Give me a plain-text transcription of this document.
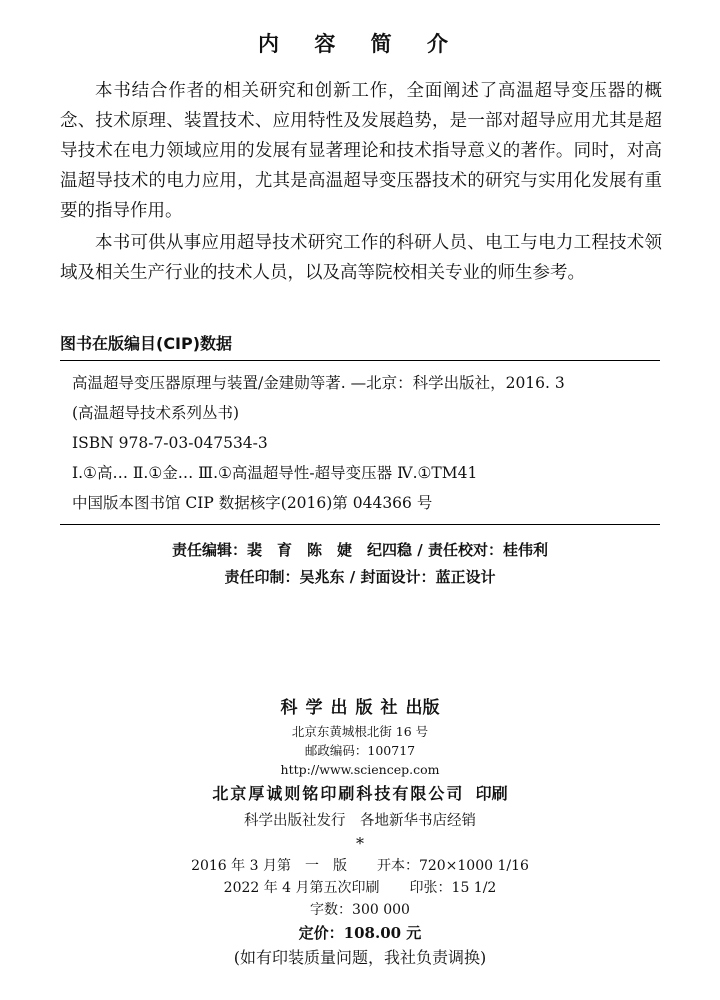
内 容 简 介

本书结合作者的相关研究和创新工作，全面阐述了高温超导变压器的概念、技术原理、装置技术、应用特性及发展趋势，是一部对超导应用尤其是超导技术在电力领域应用的发展有显著理论和技术指导意义的著作。同时，对高温超导技术的电力应用，尤其是高温超导变压器技术的研究与实用化发展有重要的指导作用。

本书可供从事应用超导技术研究工作的科研人员、电工与电力工程技术领域及相关生产行业的技术人员，以及高等院校相关专业的师生参考。

图书在版编目(CIP)数据
高温超导变压器原理与装置/金建勋等著. —北京：科学出版社，2016. 3
(高温超导技术系列丛书)
ISBN 978-7-03-047534-3
Ⅰ.①高… Ⅱ.①金… Ⅲ.①高温超导性-超导变压器 Ⅳ.①TM41
中国版本图书馆 CIP 数据核字(2016)第 044366 号
责任编辑：裴　育　陈　婕　纪四稳 / 责任校对：桂伟利
责任印制：吴兆东 / 封面设计：蓝正设计
科学出版社出版
北京东黄城根北街 16 号
邮政编码：100717
http://www.sciencep.com
北京厚诚则铭印刷科技有限公司 印刷
科学出版社发行　各地新华书店经销
*
2016 年 3 月第　一　版 开本：720×1000 1/16
2022 年 4 月第五次印刷 印张：15 1/2
字数：300 000
定价：108.00 元
(如有印装质量问题，我社负责调换)
